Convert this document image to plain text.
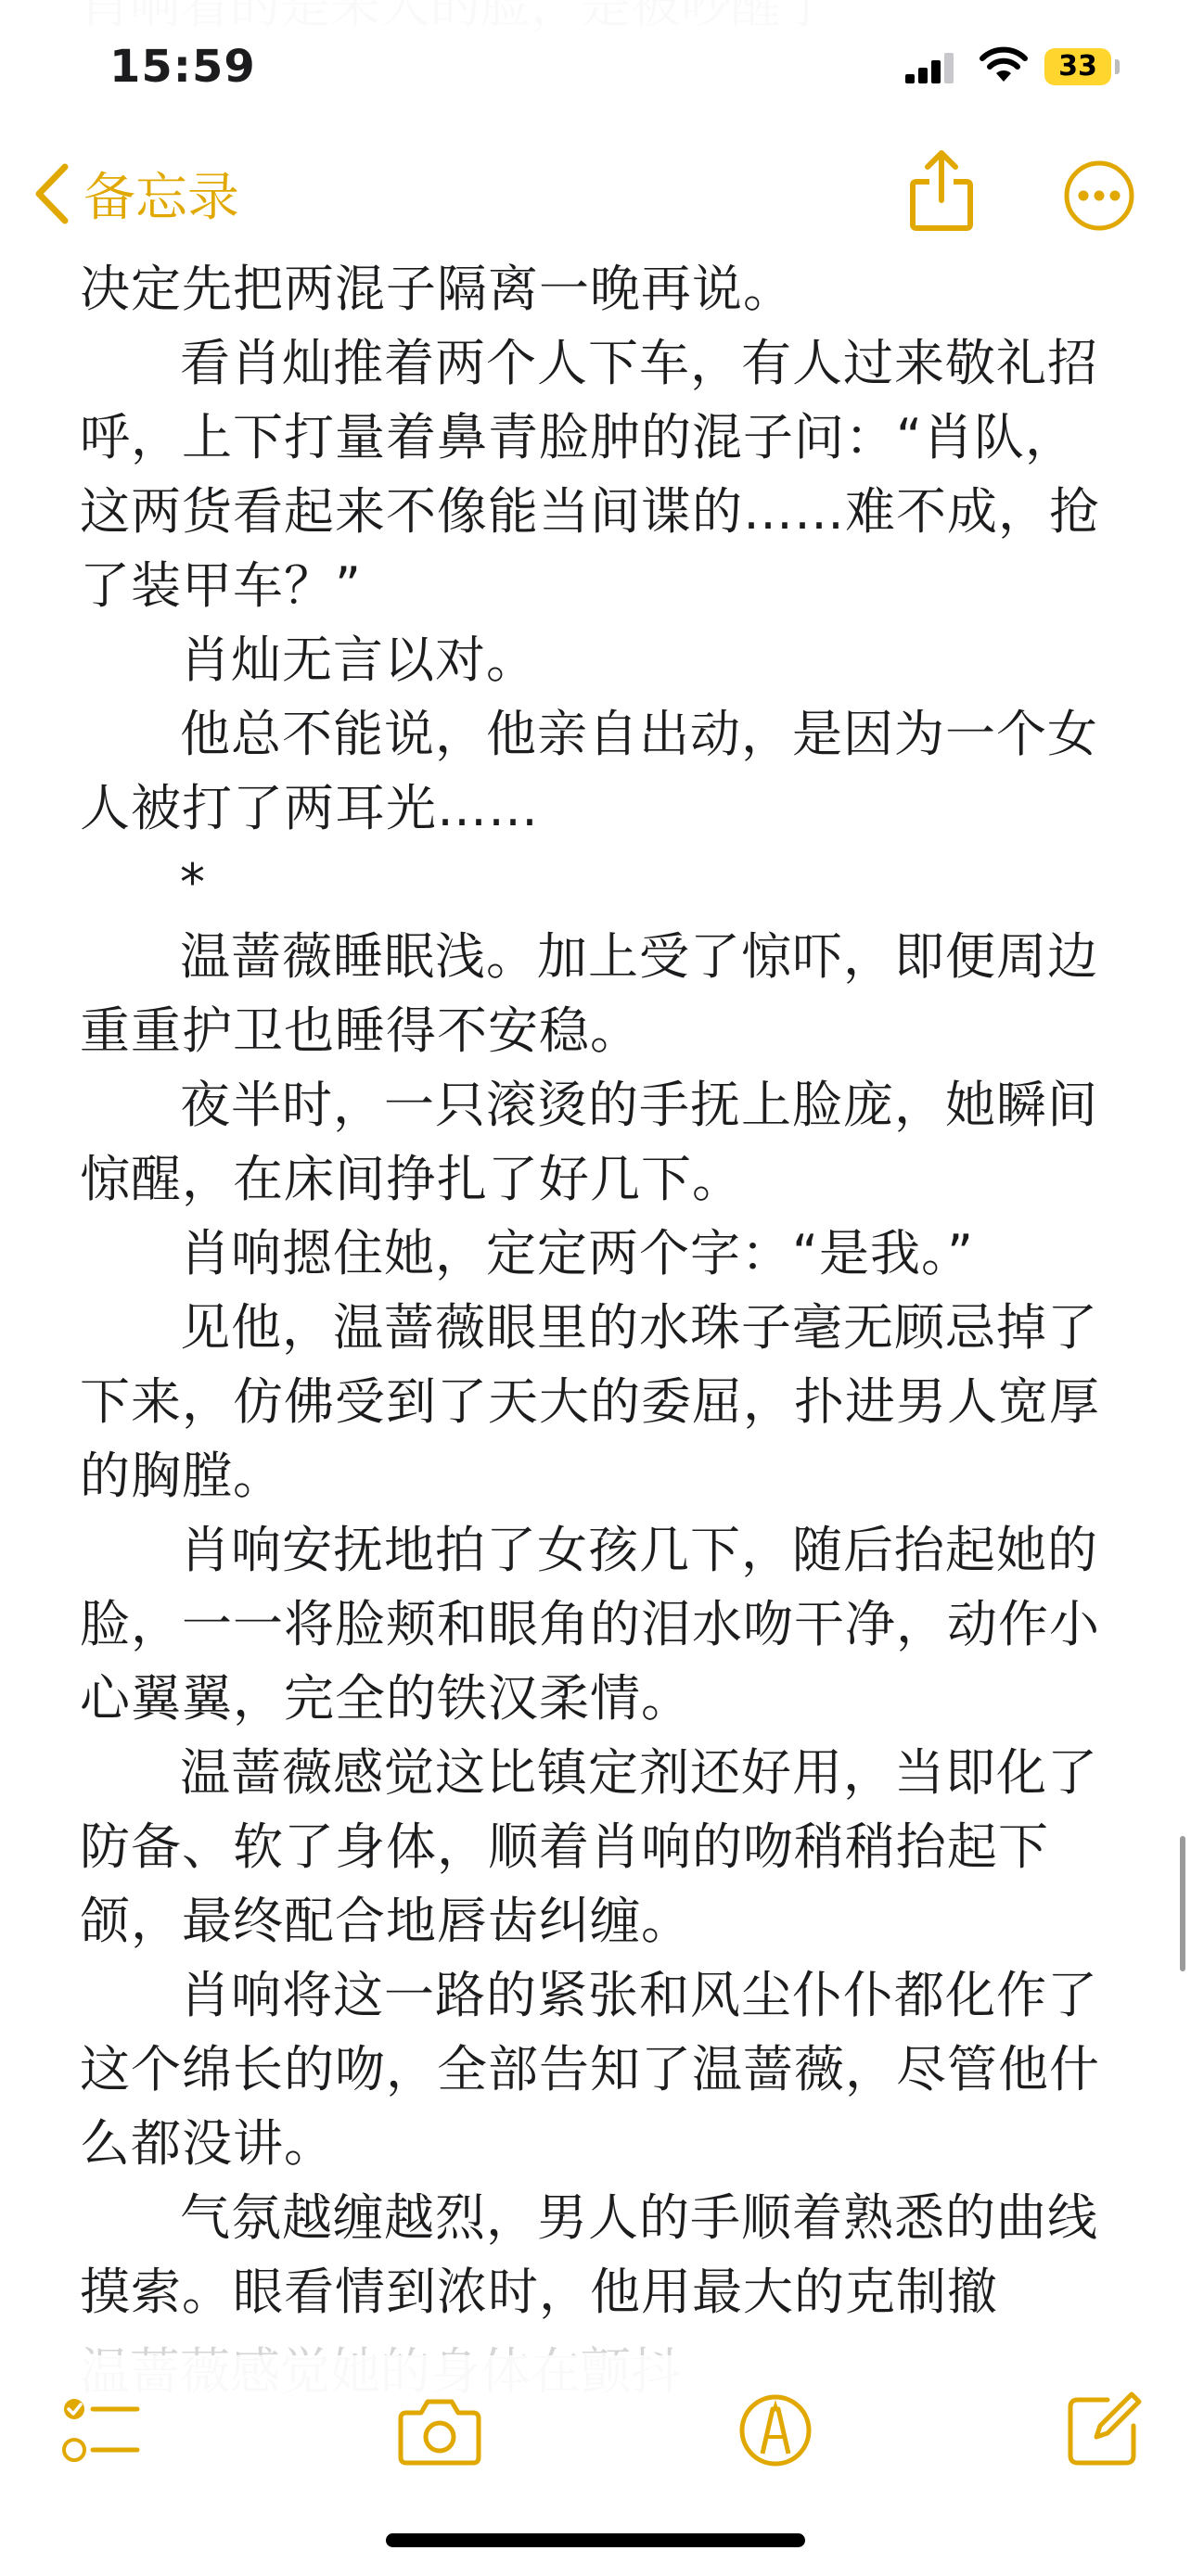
15:59	33
备忘录

决定先把两混子隔离一晚再说。

看肖灿推着两个人下车，有人过来敬礼招呼，上下打量着鼻青脸肿的混子问：“肖队，这两货看起来不像能当间谍的……难不成，抢了装甲车？”

肖灿无言以对。

他总不能说，他亲自出动，是因为一个女人被打了两耳光……

*

温蔷薇睡眠浅。加上受了惊吓，即便周边重重护卫也睡得不安稳。

夜半时，一只滚烫的手抚上脸庞，她瞬间惊醒，在床间挣扎了好几下。

肖响摁住她，定定两个字：“是我。”

见他，温蔷薇眼里的水珠子毫无顾忌掉了下来，仿佛受到了天大的委屈，扑进男人宽厚的胸膛。

肖响安抚地拍了女孩几下，随后抬起她的脸，一一将脸颊和眼角的泪水吻干净，动作小心翼翼，完全的铁汉柔情。

温蔷薇感觉这比镇定剂还好用，当即化了防备、软了身体，顺着肖响的吻稍稍抬起下颌，最终配合地唇齿纠缠。

肖响将这一路的紧张和风尘仆仆都化作了这个绵长的吻，全部告知了温蔷薇，尽管他什么都没讲。

气氛越缠越烈，男人的手顺着熟悉的曲线摸索。眼看情到浓时，他用最大的克制撤
